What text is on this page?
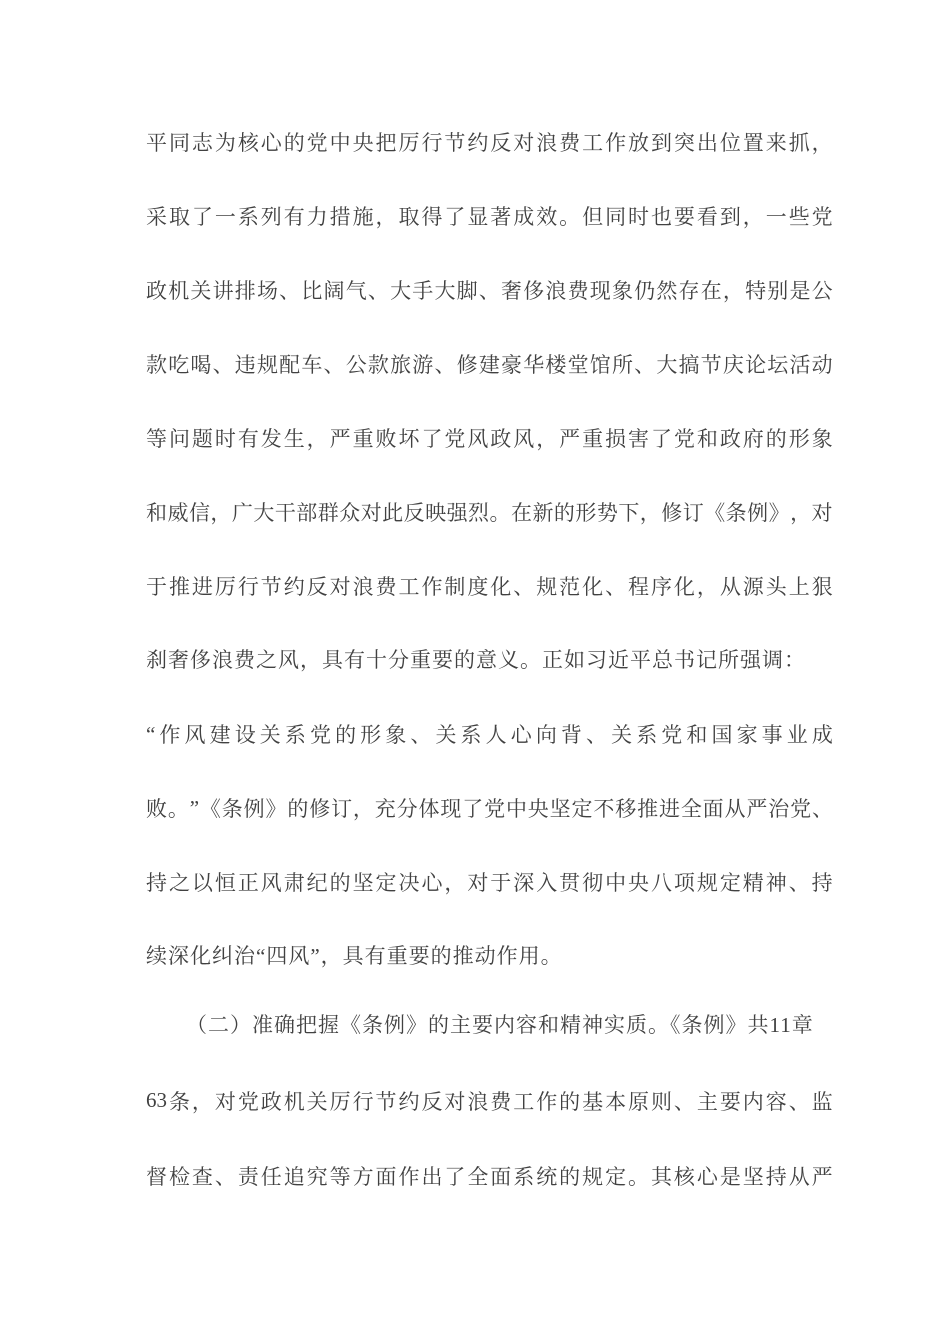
平 同 志 为 核 心 的 党 中 央 把 厉 行 节 约 反 对 浪 费 工 作 放 到 突 出 位 置 来 抓 ，
采 取 了 一 系 列 有 力 措 施 ， 取 得 了 显 著 成 效 。 但 同 时 也 要 看 到 ， 一 些 党
政 机 关 讲 排 场 、 比 阔 气 、 大 手 大 脚 、 奢 侈 浪 费 现 象 仍 然 存 在 ， 特 别 是 公
款 吃 喝 、 违 规 配 车 、 公 款 旅 游 、 修 建 豪 华 楼 堂 馆 所 、 大 搞 节 庆 论 坛 活 动
等 问 题 时 有 发 生 ， 严 重 败 坏 了 党 风 政 风 ， 严 重 损 害 了 党 和 政 府 的 形 象
和 威 信 ， 广 大 干 部 群 众 对 此 反 映 强 烈 。 在 新 的 形 势 下 ， 修 订 《 条 例 》 ， 对
于 推 进 厉 行 节 约 反 对 浪 费 工 作 制 度 化 、 规 范 化 、 程 序 化 ， 从 源 头 上 狠
刹奢侈浪费之风，具有十分重要的意义。正如习近平总书记所强调：
“ 作 风 建 设 关 系 党 的 形 象 、 关 系 人 心 向 背 、 关 系 党 和 国 家 事 业 成
败 。 ” 《 条 例 》 的 修 订 ， 充 分 体 现 了 党 中 央 坚 定 不 移 推 进 全 面 从 严 治 党 、
持 之 以 恒 正 风 肃 纪 的 坚 定 决 心 ， 对 于 深 入 贯 彻 中 央 八 项 规 定 精 神 、 持
续深化纠治“四风”，具有重要的推动作用。
（二）准确把握《条例》的主要内容和精神实质。《条例》共11章
63 条 ， 对 党 政 机 关 厉 行 节 约 反 对 浪 费 工 作 的 基 本 原 则 、 主 要 内 容 、 监
督 检 查 、 责 任 追 究 等 方 面 作 出 了 全 面 系 统 的 规 定 。 其 核 心 是 坚 持 从 严
